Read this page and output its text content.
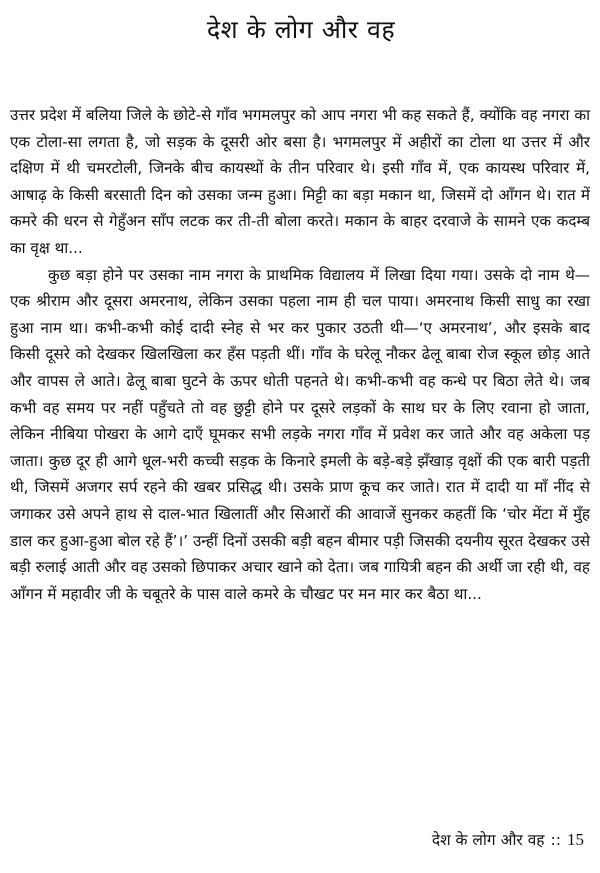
देश के लोग और वह

उत्तर प्रदेश में बलिया जिले के छोटे-से गाँव भगमलपुर को आप नगरा भी कह सकते हैं, क्योंकि वह नगरा का एक टोला-सा लगता है, जो सड़क के दूसरी ओर बसा है। भगमलपुर में अहीरों का टोला था उत्तर में और दक्षिण में थी चमरटोली, जिनके बीच कायस्थों के तीन परिवार थे। इसी गाँव में, एक कायस्थ परिवार में, आषाढ़ के किसी बरसाती दिन को उसका जन्म हुआ। मिट्टी का बड़ा मकान था, जिसमें दो आँगन थे। रात में कमरे की धरन से गेहुँअन साँप लटक कर ती-ती बोला करते। मकान के बाहर दरवाजे के सामने एक कदम्ब का वृक्ष था...

कुछ बड़ा होने पर उसका नाम नगरा के प्राथमिक विद्यालय में लिखा दिया गया। उसके दो नाम थे—एक श्रीराम और दूसरा अमरनाथ, लेकिन उसका पहला नाम ही चल पाया। अमरनाथ किसी साधु का रखा हुआ नाम था। कभी-कभी कोई दादी स्नेह से भर कर पुकार उठती थी—‘ए अमरनाथ’, और इसके बाद किसी दूसरे को देखकर खिलखिला कर हँस पड़ती थीं। गाँव के घरेलू नौकर ढेलू बाबा रोज स्कूल छोड़ आते और वापस ले आते। ढेलू बाबा घुटने के ऊपर धोती पहनते थे। कभी-कभी वह कन्धे पर बिठा लेते थे। जब कभी वह समय पर नहीं पहुँचते तो वह छुट्टी होने पर दूसरे लड़कों के साथ घर के लिए रवाना हो जाता, लेकिन नीबिया पोखरा के आगे दाएँ घूमकर सभी लड़के नगरा गाँव में प्रवेश कर जाते और वह अकेला पड़ जाता। कुछ दूर ही आगे धूल-भरी कच्ची सड़क के किनारे इमली के बड़े-बड़े झँखाड़ वृक्षों की एक बारी पड़ती थी, जिसमें अजगर सर्प रहने की खबर प्रसिद्ध थी। उसके प्राण कूच कर जाते। रात में दादी या माँ नींद से जगाकर उसे अपने हाथ से दाल-भात खिलातीं और सिआरों की आवाजें सुनकर कहतीं कि ‘चोर मेंटा में मुँह डाल कर हुआ-हुआ बोल रहे हैं’।’ उन्हीं दिनों उसकी बड़ी बहन बीमार पड़ी जिसकी दयनीय सूरत देखकर उसे बड़ी रुलाई आती और वह उसको छिपाकर अचार खाने को देता। जब गायित्री बहन की अर्थी जा रही थी, वह आँगन में महावीर जी के चबूतरे के पास वाले कमरे के चौखट पर मन मार कर बैठा था...

देश के लोग और वह :: 15
